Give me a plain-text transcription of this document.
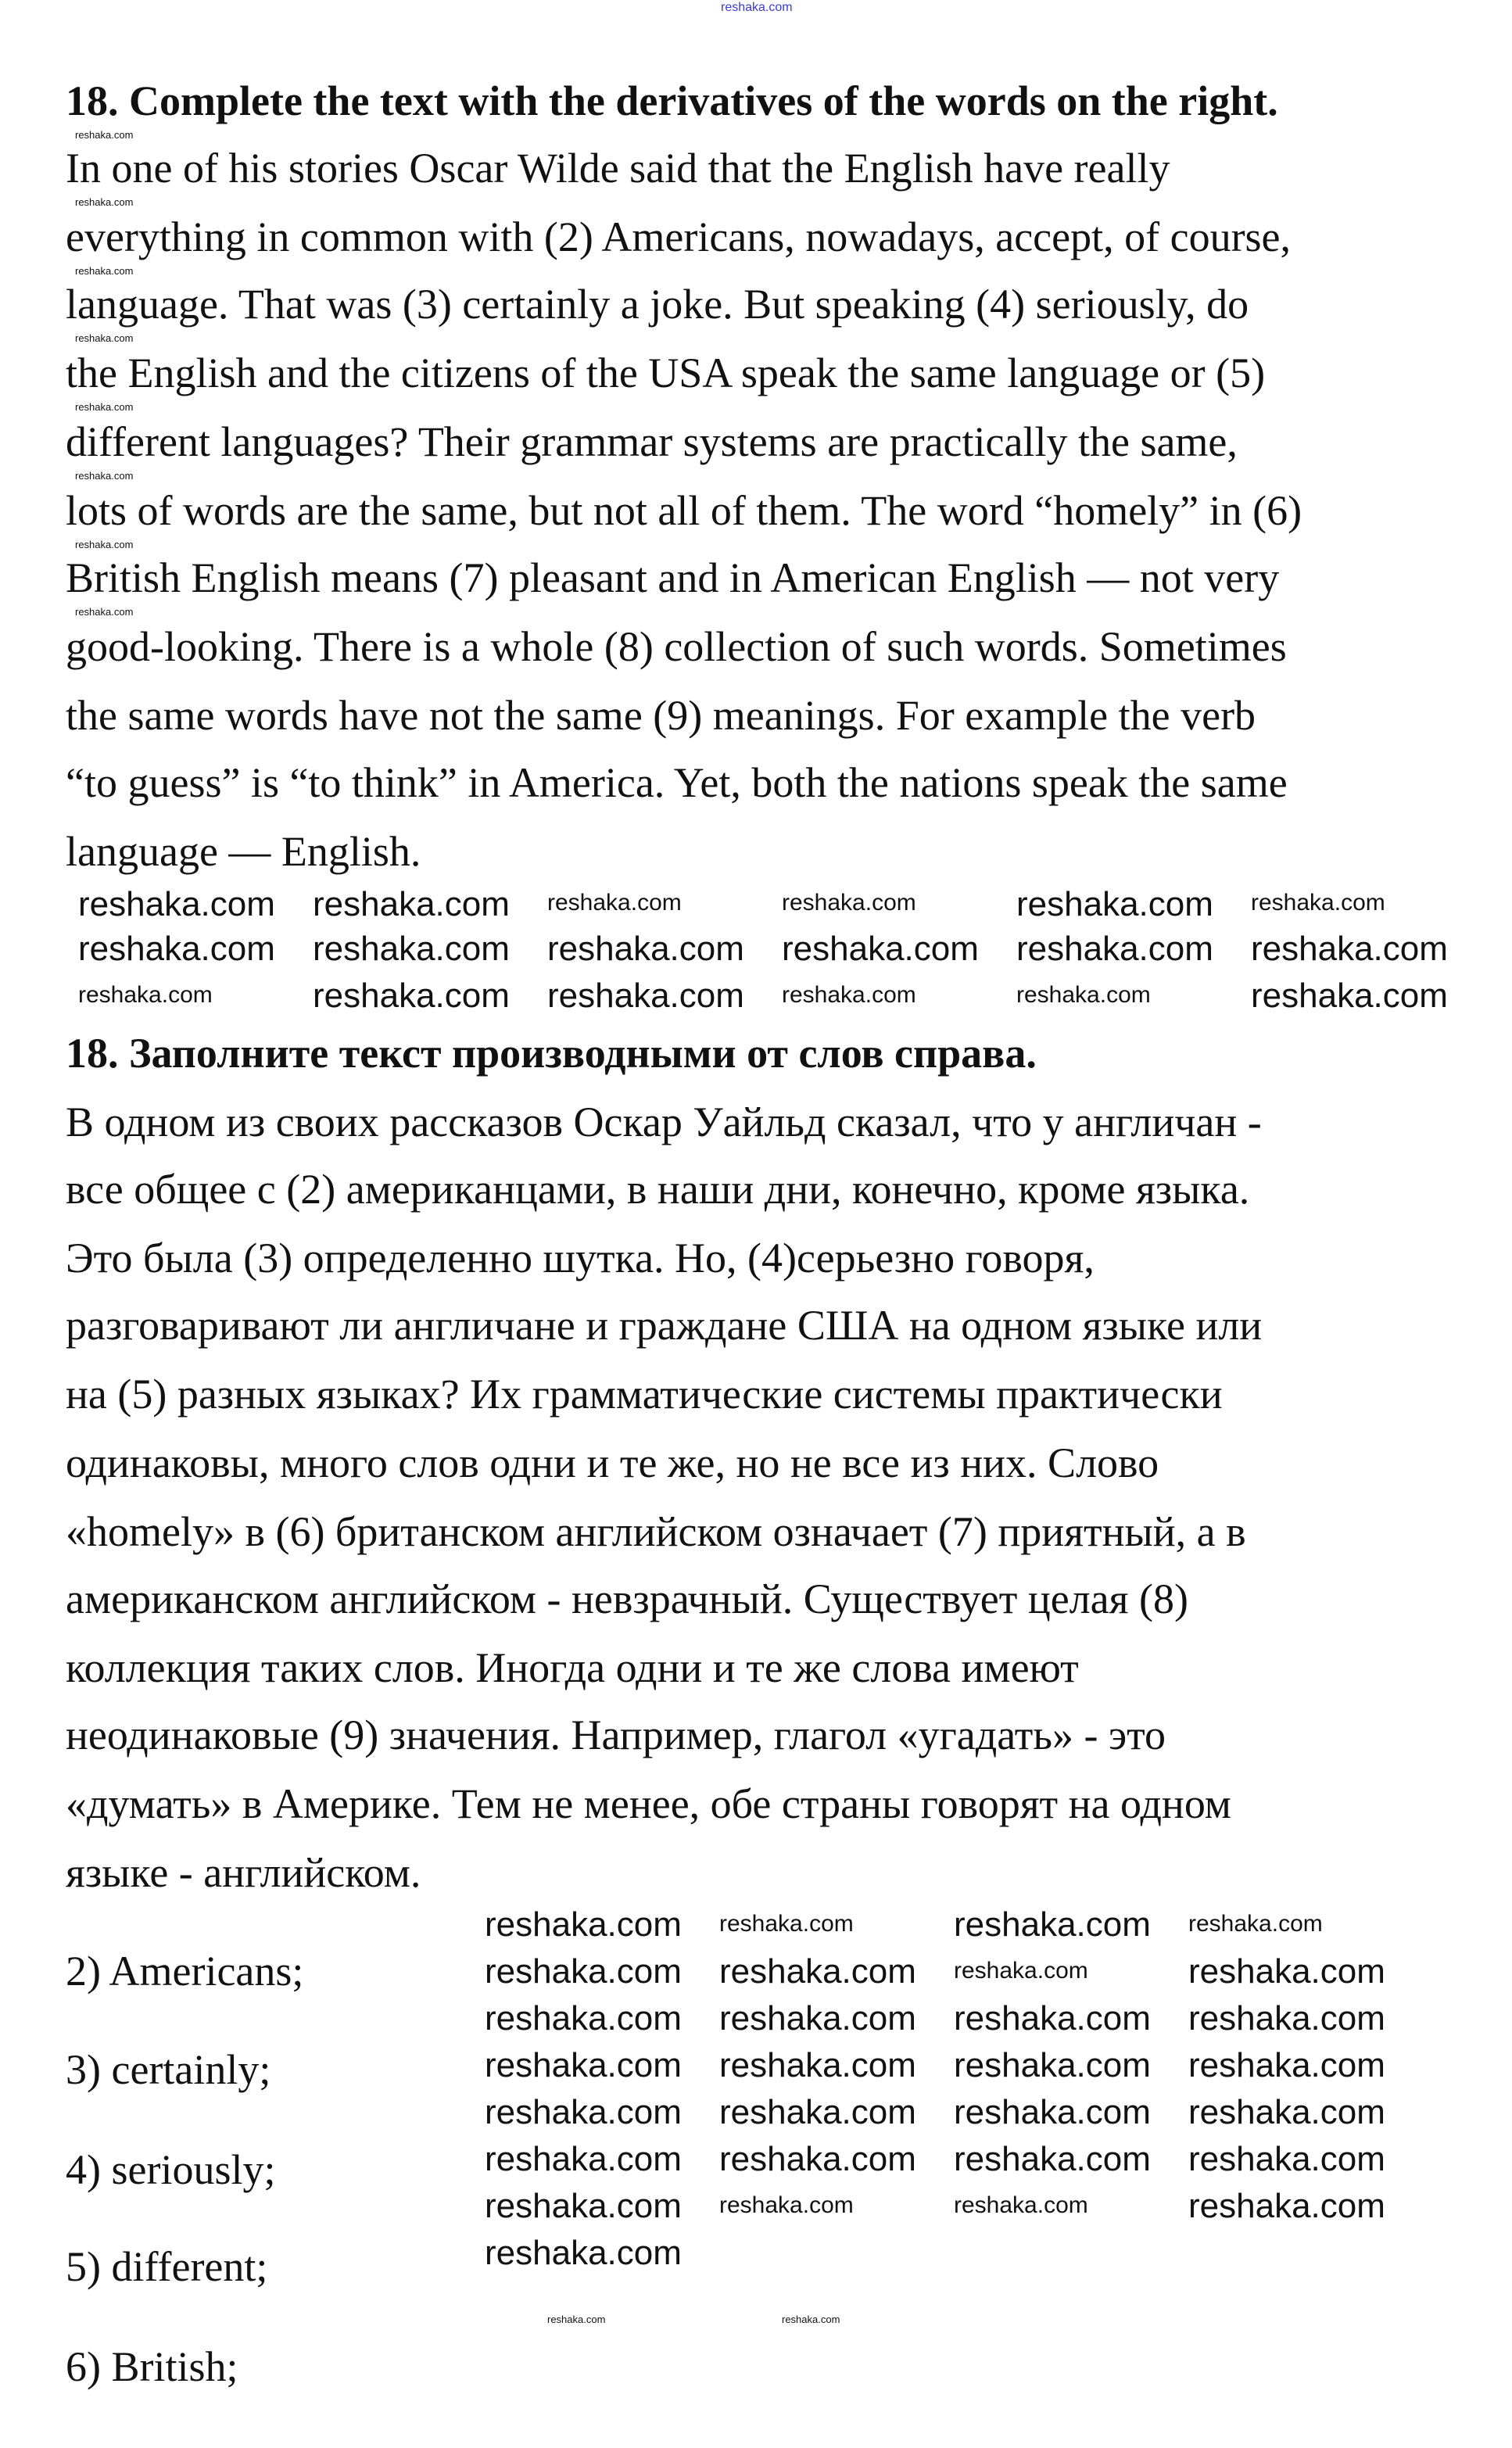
reshaka.com
18. Complete the text with the derivatives of the words on the right.
In one of his stories Oscar Wilde said that the English have really
everything in common with (2) Americans, nowadays, accept, of course,
language. That was (3) certainly a joke. But speaking (4) seriously, do
the English and the citizens of the USA speak the same language or (5)
different languages? Their grammar systems are practically the same,
lots of words are the same, but not all of them. The word “homely” in (6)
British English means (7) pleasant and in American English — not very
good-looking. There is a whole (8) collection of such words. Sometimes
the same words have not the same (9) meanings. For example the verb
“to guess” is “to think” in America. Yet, both the nations speak the same
language — English.
18. Заполните текст производными от слов справа.
В одном из своих рассказов Оскар Уайльд сказал, что у англичан -
все общее с (2) американцами, в наши дни, конечно, кроме языка.
Это была (3) определенно шутка. Но, (4)серьезно говоря,
разговаривают ли англичане и граждане США на одном языке или
на (5) разных языках? Их грамматические системы практически
одинаковы, много слов одни и те же, но не все из них. Слово
«homely» в (6) британском английском означает (7) приятный, а в
американском английском - невзрачный. Существует целая (8)
коллекция таких слов. Иногда одни и те же слова имеют
неодинаковые (9) значения. Например, глагол «угадать» - это
«думать» в Америке. Тем не менее, обе страны говорят на одном
языке - английском.
2) Americans;
3) certainly;
4) seriously;
5) different;
6) British;
reshaka.com
reshaka.com
reshaka.com
reshaka.com
reshaka.com
reshaka.com
reshaka.com
reshaka.com
reshaka.com reshaka.com reshaka.com	reshaka.com	reshaka.com reshaka.com
reshaka.com reshaka.com reshaka.com reshaka.com reshaka.com reshaka.com
reshaka.com	reshaka.com reshaka.com reshaka.com	reshaka.com	reshaka.com
reshaka.com reshaka.com	reshaka.com reshaka.com
reshaka.com reshaka.com reshaka.com	reshaka.com
reshaka.com reshaka.com reshaka.com reshaka.com
reshaka.com reshaka.com reshaka.com reshaka.com
reshaka.com reshaka.com reshaka.com reshaka.com
reshaka.com reshaka.com reshaka.com reshaka.com
reshaka.com reshaka.com	reshaka.com	reshaka.com
reshaka.com
reshaka.com	reshaka.com
